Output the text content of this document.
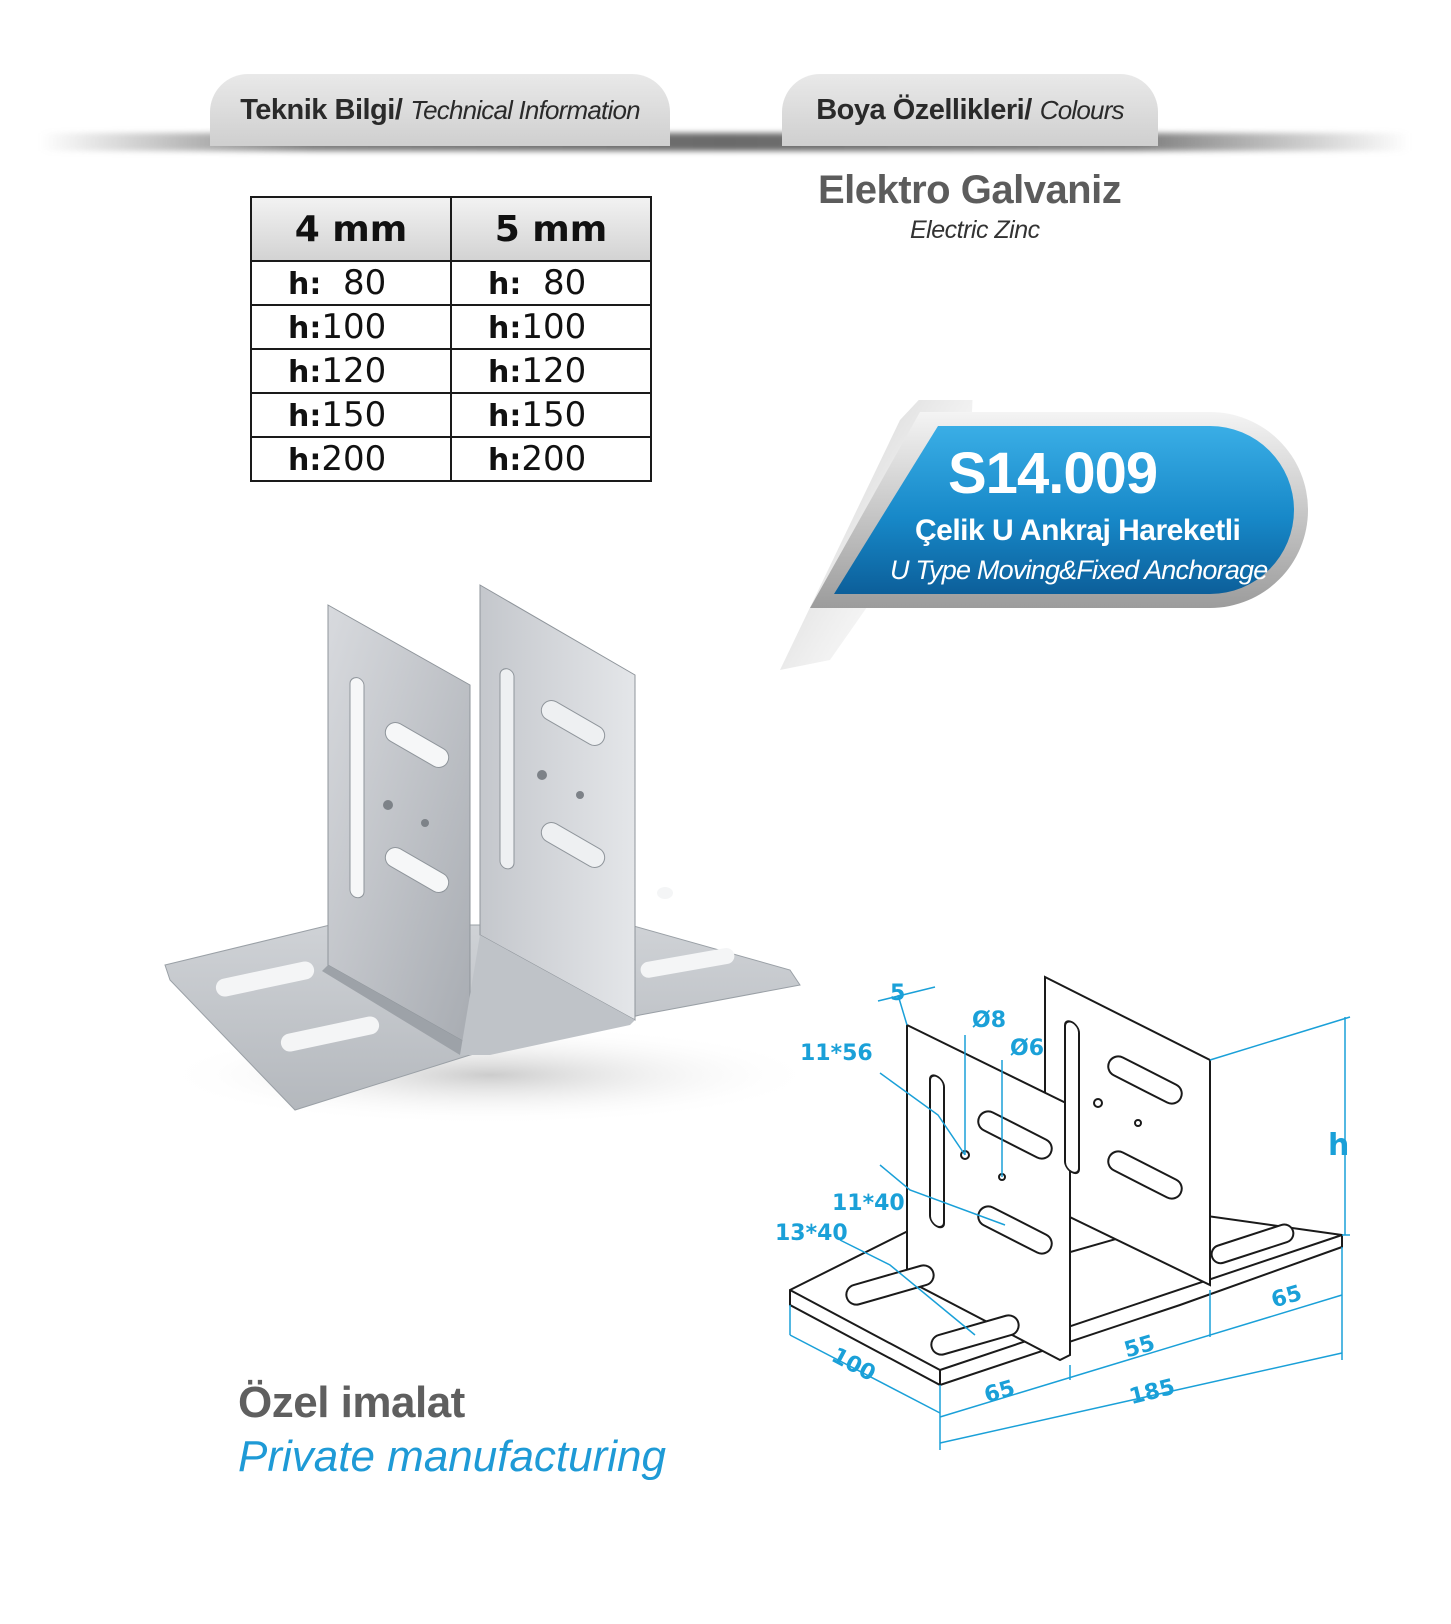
Teknik Bilgi/ Technical Information	Boya Özellikleri/ Colours
4 mm	5 mm
h:  80	h:  80
h:100	h:100
h:120	h:120
h:150	h:150
h:200	h:200
Elektro Galvaniz
Electric Zinc
S14.009
Çelik U Ankraj Hareketli
U Type Moving&Fixed Anchorage
5
Ø8
Ø6
11*56
11*40
13*40
h
100
65
55
65
185
Özel imalat
Private manufacturing
